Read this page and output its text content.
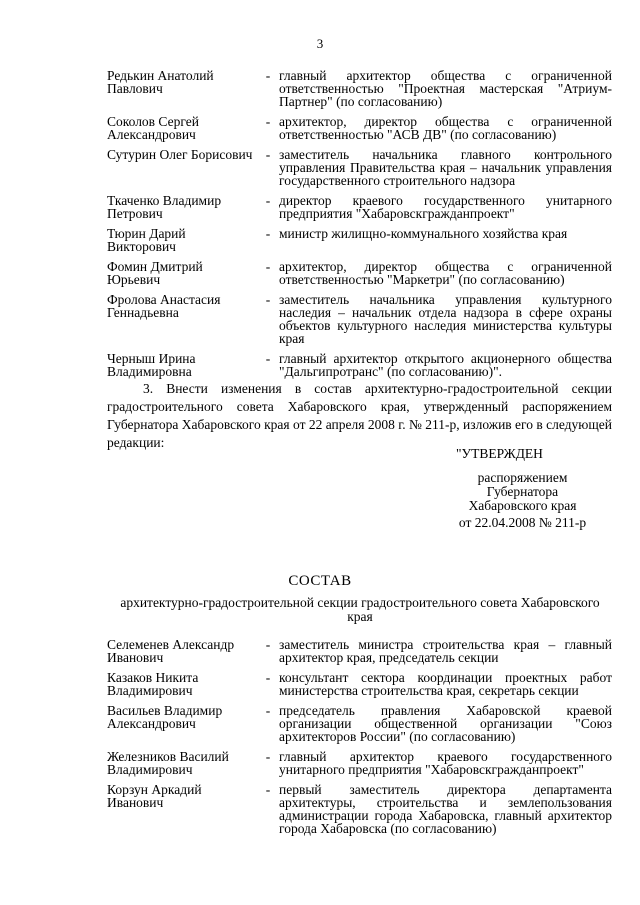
3
Редькин Анатолий Павлович
- главный архитектор общества с ограниченной ответственностью "Проектная мастерская "Атриум-Партнер" (по согласованию)
Соколов Сергей Александрович
- архитектор, директор общества с ограниченной ответственностью "АСВ ДВ" (по согласованию)
Сутурин Олег Борисович - заместитель начальника главного контрольного управления Правительства края – начальник управления государственного строительного надзора
Ткаченко Владимир Петрович
- директор краевого государственного унитарного предприятия "Хабаровскгражданпроект"
Тюрин Дарий Викторович
- министр жилищно-коммунального хозяйства края
Фомин Дмитрий Юрьевич
- архитектор, директор общества с ограниченной ответственностью "Маркетри" (по согласованию)
Фролова Анастасия Геннадьевна
- заместитель начальника управления культурного наследия – начальник отдела надзора в сфере охраны объектов культурного наследия министерства культуры края
Черныш Ирина Владимировна
- главный архитектор открытого акционерного общества "Дальгипротранс" (по согласованию)".

3. Внести изменения в состав архитектурно-градостроительной секции градостроительного совета Хабаровского края, утвержденный распоряжением Губернатора Хабаровского края от 22 апреля 2008 г. № 211-р, изложив его в следующей редакции:

"УТВЕРЖДЕН
распоряжением
Губернатора
Хабаровского края
от 22.04.2008 № 211-р
СОСТАВ
архитектурно-градостроительной секции градостроительного совета Хабаровского края
Селеменев Александр Иванович
- заместитель министра строительства края – главный архитектор края, председатель секции
Казаков Никита Владимирович
- консультант сектора координации проектных работ министерства строительства края, секретарь секции
Васильев Владимир Александрович
- председатель правления Хабаровской краевой организации общественной организации "Союз архитекторов России" (по согласованию)
Железников Василий Владимирович
- главный архитектор краевого государственного унитарного предприятия "Хабаровскгражданпроект"
Корзун Аркадий Иванович
- первый заместитель директора департамента архитектуры, строительства и землепользования администрации города Хабаровска, главный архитектор города Хабаровска (по согласованию)
